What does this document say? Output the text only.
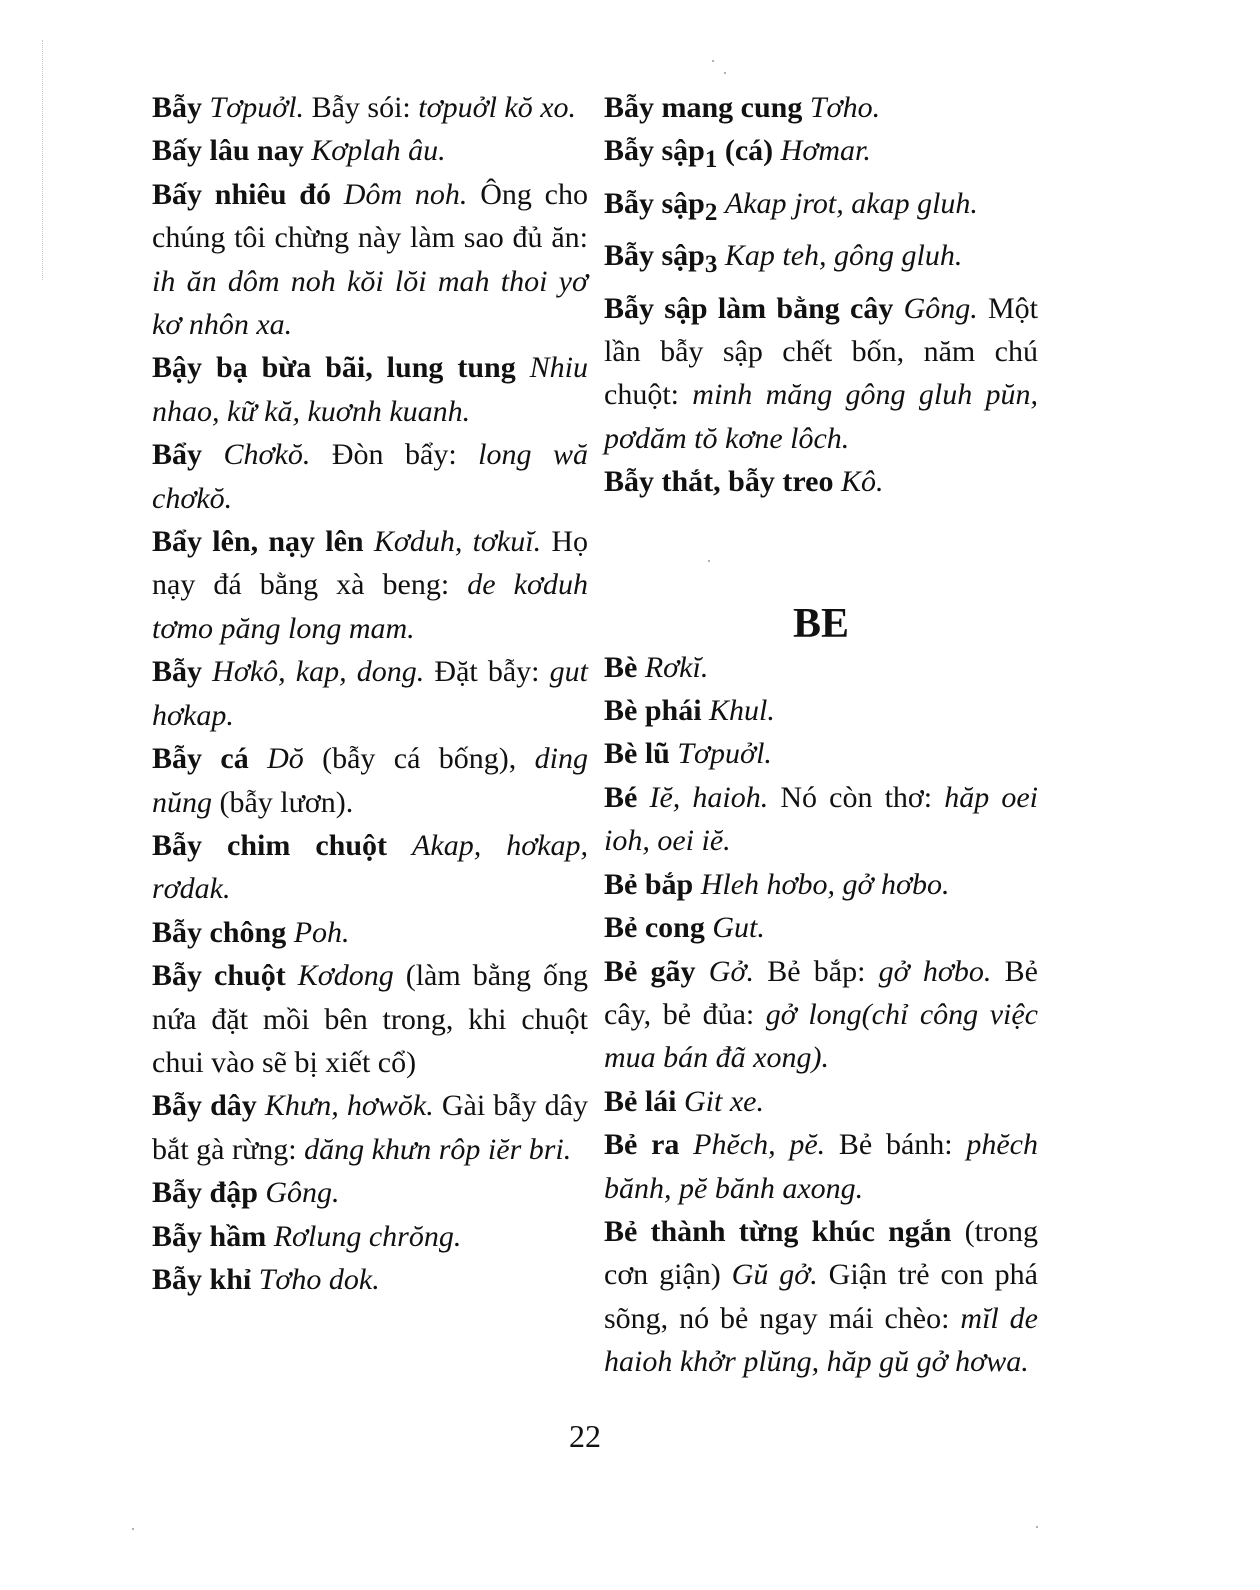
Bẫy Tơpuởl. Bẫy sói: tơpuởl kŏ xo.
Bấy lâu nay Kơplah âu.
Bấy nhiêu đó Dôm noh. Ông cho chúng tôi chừng này làm sao đủ ăn: ih ăn dôm noh kŏi lŏi mah thoi yơ kơ nhôn xa.
Bậy bạ bừa bãi, lung tung Nhiu nhao, kữ kă, kuơnh kuanh.
Bẩy Chơkŏ. Đòn bẩy: long wă chơkŏ.
Bẩy lên, nạy lên Kơduh, tơkuĭ. Họ nạy đá bằng xà beng: de kơduh tơmo păng long mam.
Bẫy Hơkô, kap, dong. Đặt bẫy: gut hơkap.
Bẫy cá Dŏ (bẫy cá bống), ding nŭng (bẫy lươn).
Bẫy chim chuột Akap, hơkap, rơdak.
Bẫy chông Poh.
Bẫy chuột Kơdong (làm bằng ống nứa đặt mồi bên trong, khi chuột chui vào sẽ bị xiết cổ)
Bẫy dây Khưn, hơwŏk. Gài bẫy dây bắt gà rừng: dăng khưn rôp iĕr bri.
Bẫy đập Gông.
Bẫy hầm Rơlung chrŏng.
Bẫy khỉ Tơho dok.
Bẫy mang cung Tơho.
Bẫy sập$_1$ (cá) Hơmar.
Bẫy sập$_2$ Akap jrot, akap gluh.
Bẫy sập$_3$ Kap teh, gông gluh.
Bẫy sập làm bằng cây Gông. Một lần bẫy sập chết bốn, năm chú chuột: minh măng gông gluh pŭn, pơdăm tŏ kơne lôch.
Bẫy thắt, bẫy treo Kô.
BE
Bè Rơkĭ.
Bè phái Khul.
Bè lũ Tơpuởl.
Bé Iĕ, haioh. Nó còn thơ: hăp oei ioh, oei iĕ.
Bẻ bắp Hleh hơbo, gở hơbo.
Bẻ cong Gut.
Bẻ gãy Gở. Bẻ bắp: gở hơbo. Bẻ cây, bẻ đủa: gở long(chỉ công việc mua bán đã xong).
Bẻ lái Git xe.
Bẻ ra Phĕch, pĕ. Bẻ bánh: phĕch bănh, pĕ bănh axong.
Bẻ thành từng khúc ngắn (trong cơn giận) Gŭ gở. Giận trẻ con phá sõng, nó bẻ ngay mái chèo: mĭl de haioh khởr plŭng, hăp gŭ gở hơwa.
22
